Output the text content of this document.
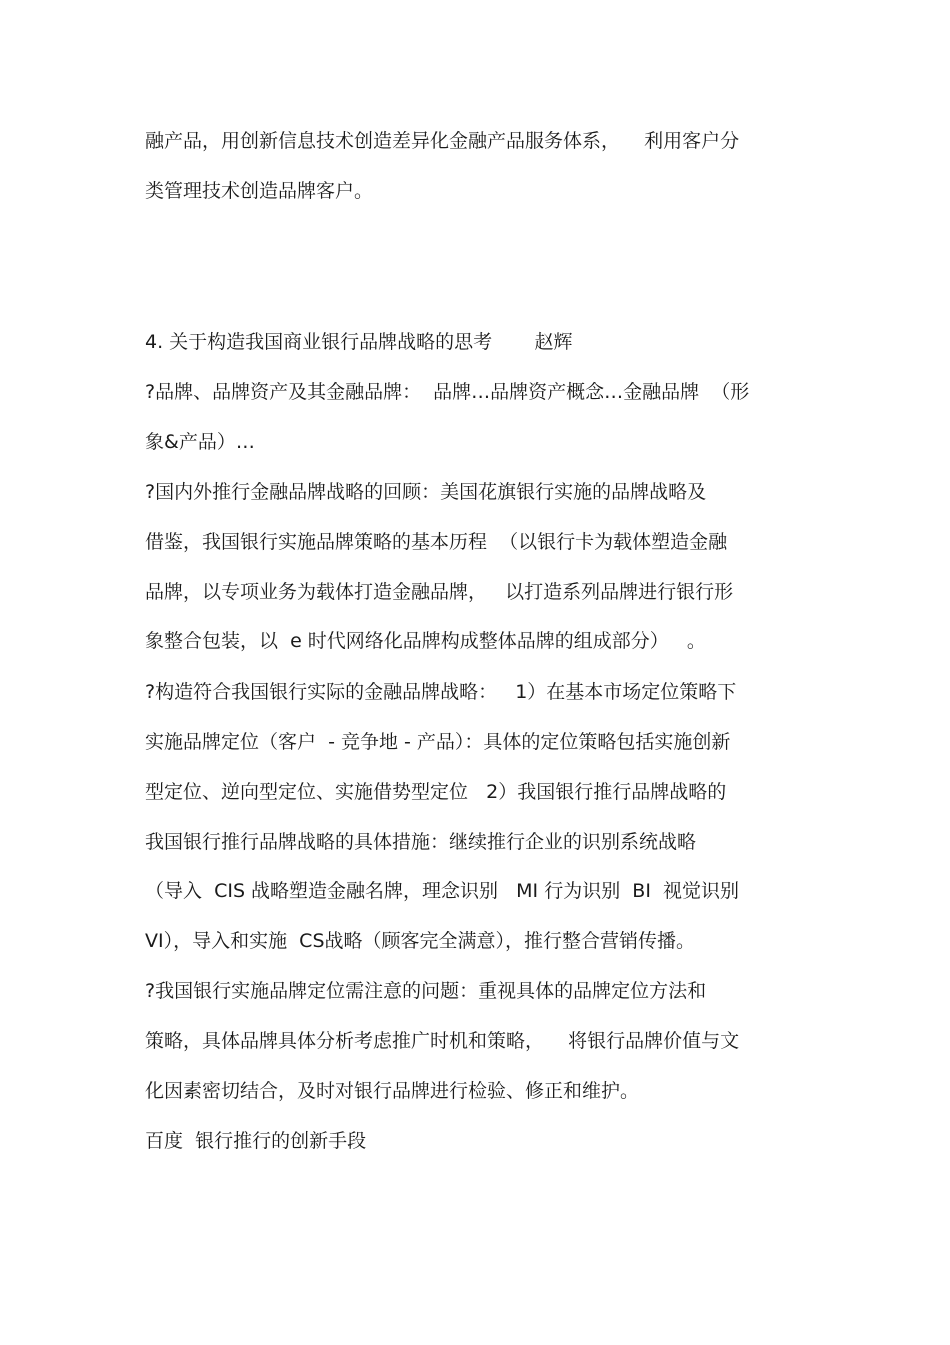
融产品，用创新信息技术创造差异化金融产品服务体系，    利用客户分
类管理技术创造品牌客户。
4. 关于构造我国商业银行品牌战略的思考       赵辉
?品牌、品牌资产及其金融品牌：  品牌…品牌资产概念…金融品牌  （形
象&产品）…
?国内外推行金融品牌战略的回顾：美国花旗银行实施的品牌战略及
借鉴，我国银行实施品牌策略的基本历程  （以银行卡为载体塑造金融
品牌，以专项业务为载体打造金融品牌，   以打造系列品牌进行银行形
象整合包装，以  e 时代网络化品牌构成整体品牌的组成部分）   。
?构造符合我国银行实际的金融品牌战略：   1）在基本市场定位策略下
实施品牌定位（客户  - 竞争地 - 产品）：具体的定位策略包括实施创新
型定位、逆向型定位、实施借势型定位   2）我国银行推行品牌战略的
我国银行推行品牌战略的具体措施：继续推行企业的识别系统战略
（导入  CIS 战略塑造金融名牌，理念识别   MI 行为识别  BI  视觉识别
VI），导入和实施  CS战略（顾客完全满意），推行整合营销传播。
?我国银行实施品牌定位需注意的问题：重视具体的品牌定位方法和
策略，具体品牌具体分析考虑推广时机和策略，    将银行品牌价值与文
化因素密切结合，及时对银行品牌进行检验、修正和维护。
百度  银行推行的创新手段
